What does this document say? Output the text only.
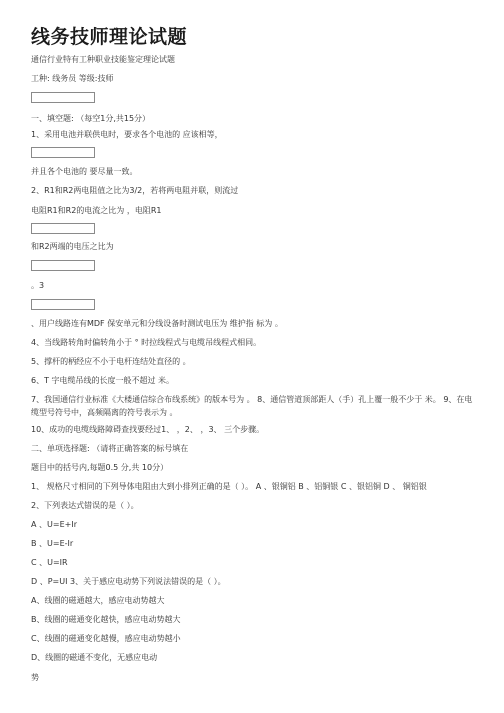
线务技师理论试题
通信行业特有工种职业技能鉴定理论试题
工种: 线务员 等级:技师
一、填空题: （每空1分,共15分）
1、采用电池并联供电时，要求各个电池的 应该相等，
并且各个电池的 要尽量一致。
2、R1和R2两电阻值之比为3/2，若将两电阻并联，则流过
电阻R1和R2的电流之比为 ，电阻R1
和R2两端的电压之比为
。3
、用户线路连有MDF 保安单元和分线设备时测试电压为 维护指 标为 。
4、当线路转角时偏转角小于 ° 时拉线程式与电缆吊线程式相同。
5、撑杆的柄经应不小于电杆连结处直径的 。
6、T 字电缆吊线的长度一般不超过 米。
7、我国通信行业标准《大楼通信综合布线系统》的版本号为 。 8、通信管道顶部距人（手）孔上覆一般不少于 米。 9、在电缆型号符号中，高频隔离的符号表示为 。
10、成功的电缆线路障碍查找要经过1、 ，2、 ，3、 三个步骤。
二、单项选择题: （请将正确答案的标号填在
题目中的括号内,每题0.5 分,共 10分）
1、 规格尺寸相同的下列导体电阻由大到小排列正确的是（ ）。 A 、银铜铝 B 、铝铜银 C 、银铝铜 D 、 铜铝银
2、下列表达式错误的是（ ）。
A 、U=E+Ir
B 、U=E-Ir
C 、U=IR
D 、P=UI 3、关于感应电动势下列说法错误的是（ ）。
A、线圈的磁通越大，感应电动势越大
B、线圈的磁通变化越快，感应电动势越大
C、线圈的磁通变化越慢，感应电动势越小
D、线圈的磁通不变化，无感应电动
势
